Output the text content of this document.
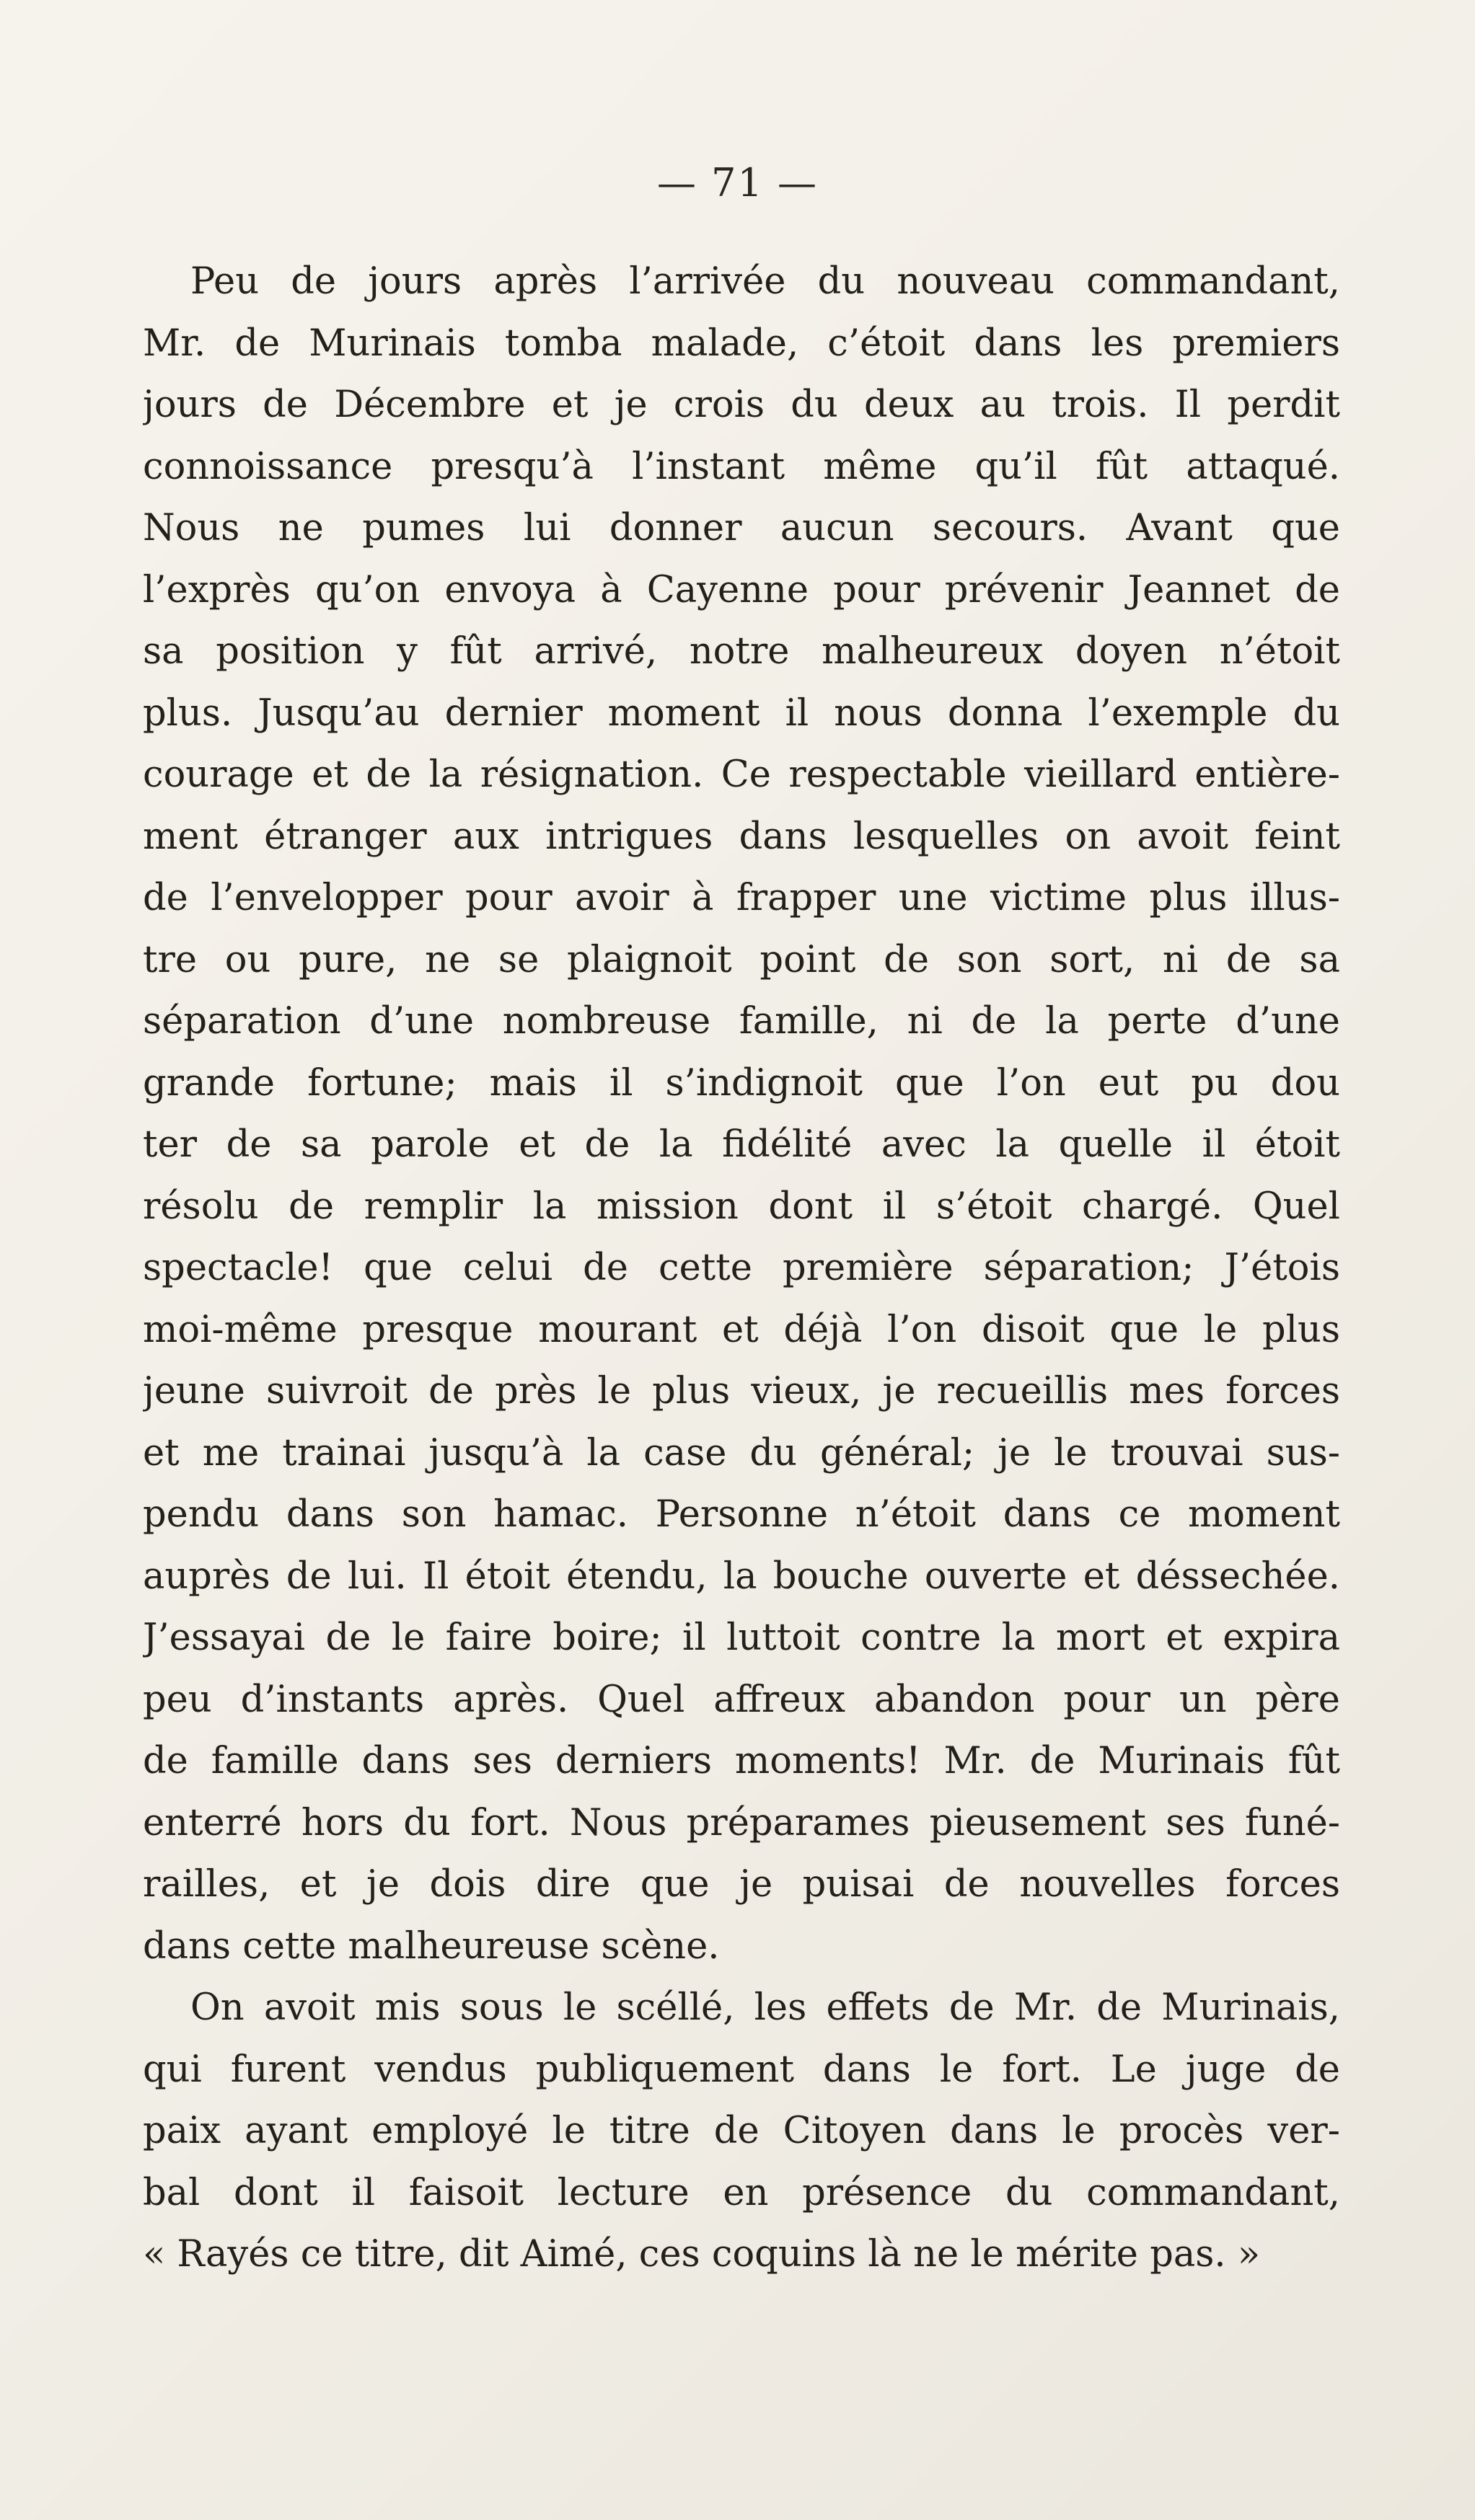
— 71 —
Peu de jours après l’arrivée du nouveau commandant,
Mr. de Murinais tomba malade, c’étoit dans les premiers
jours de Décembre et je crois du deux au trois. Il perdit
connoissance presqu’à l’instant même qu’il fût attaqué.
Nous ne pumes lui donner aucun secours. Avant que
l’exprès qu’on envoya à Cayenne pour prévenir Jeannet de
sa position y fût arrivé, notre malheureux doyen n’étoit
plus. Jusqu’au dernier moment il nous donna l’exemple du
courage et de la résignation. Ce respectable vieillard entière-
ment étranger aux intrigues dans lesquelles on avoit feint
de l’envelopper pour avoir à frapper une victime plus illus-
tre ou pure, ne se plaignoit point de son sort, ni de sa
séparation d’une nombreuse famille, ni de la perte d’une
grande fortune; mais il s’indignoit que l’on eut pu dou
ter de sa parole et de la fidélité avec la quelle il étoit
résolu de remplir la mission dont il s’étoit chargé. Quel
spectacle! que celui de cette première séparation; J’étois
moi-même presque mourant et déjà l’on disoit que le plus
jeune suivroit de près le plus vieux, je recueillis mes forces
et me trainai jusqu’à la case du général; je le trouvai sus-
pendu dans son hamac. Personne n’étoit dans ce moment
auprès de lui. Il étoit étendu, la bouche ouverte et déssechée.
J’essayai de le faire boire; il luttoit contre la mort et expira
peu d’instants après. Quel affreux abandon pour un père
de famille dans ses derniers moments! Mr. de Murinais fût
enterré hors du fort. Nous préparames pieusement ses funé-
railles, et je dois dire que je puisai de nouvelles forces
dans cette malheureuse scène.
On avoit mis sous le scéllé, les effets de Mr. de Murinais,
qui furent vendus publiquement dans le fort. Le juge de
paix ayant employé le titre de Citoyen dans le procès ver-
bal dont il faisoit lecture en présence du commandant,
« Rayés ce titre, dit Aimé, ces coquins là ne le mérite pas. »
